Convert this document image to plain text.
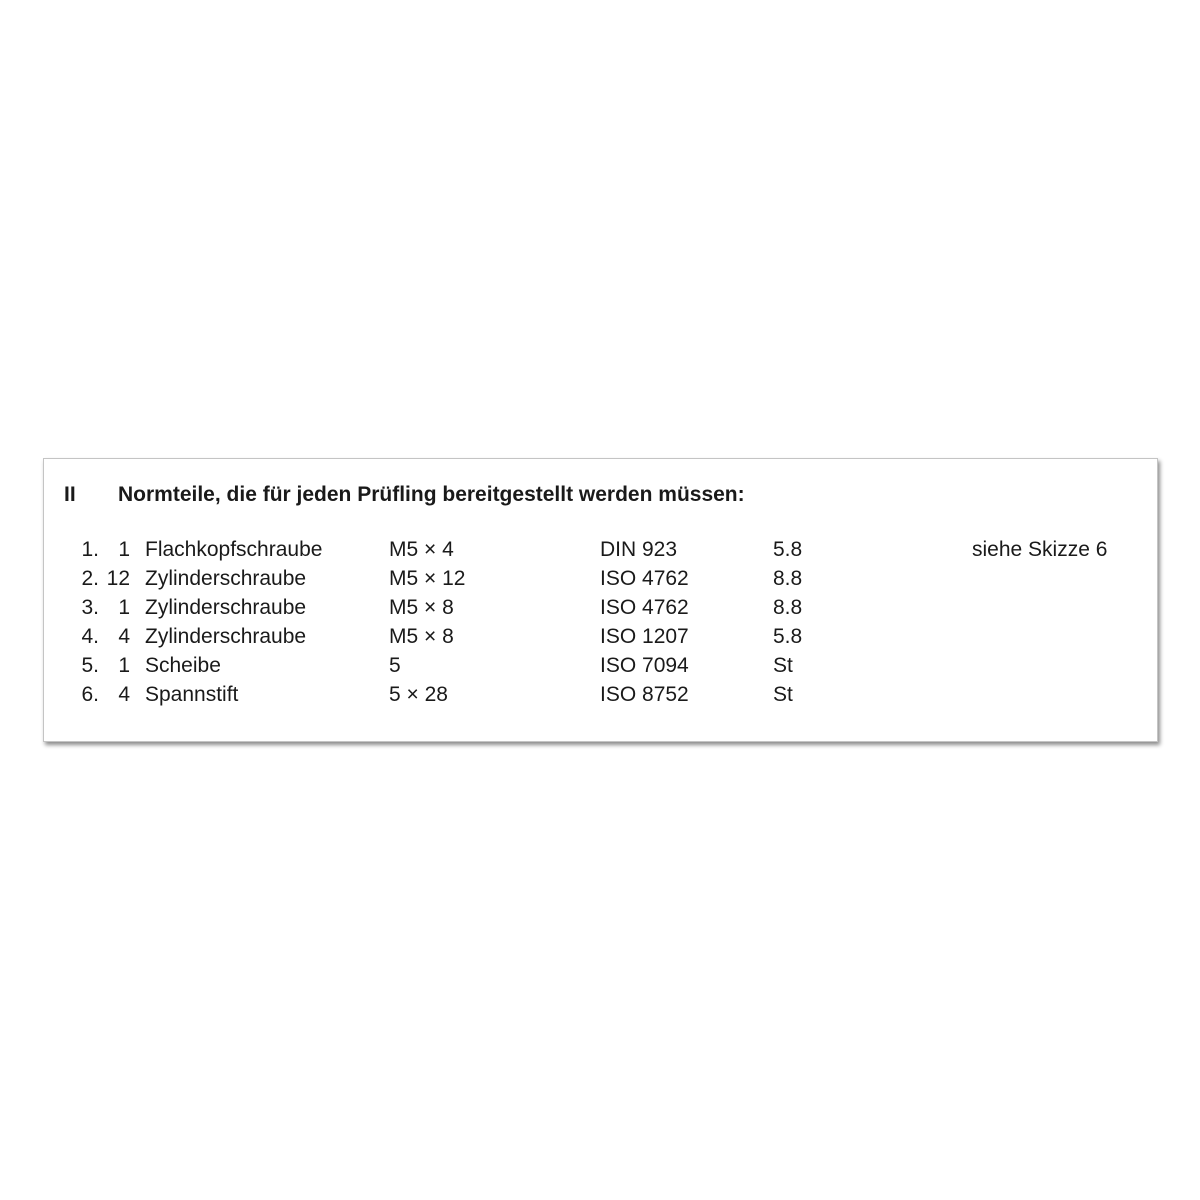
II Normteile, die für jeden Prüfling bereitgestellt werden müssen:
1. 1 Flachkopfschraube	M5 × 4	DIN 923	5.8	siehe Skizze 6
2. 12 Zylinderschraube	M5 × 12	ISO 4762	8.8
3. 1 Zylinderschraube	M5 × 8	ISO 4762	8.8
4. 4 Zylinderschraube	M5 × 8	ISO 1207	5.8
5. 1 Scheibe	5	ISO 7094	St
6. 4 Spannstift	5 × 28	ISO 8752	St
